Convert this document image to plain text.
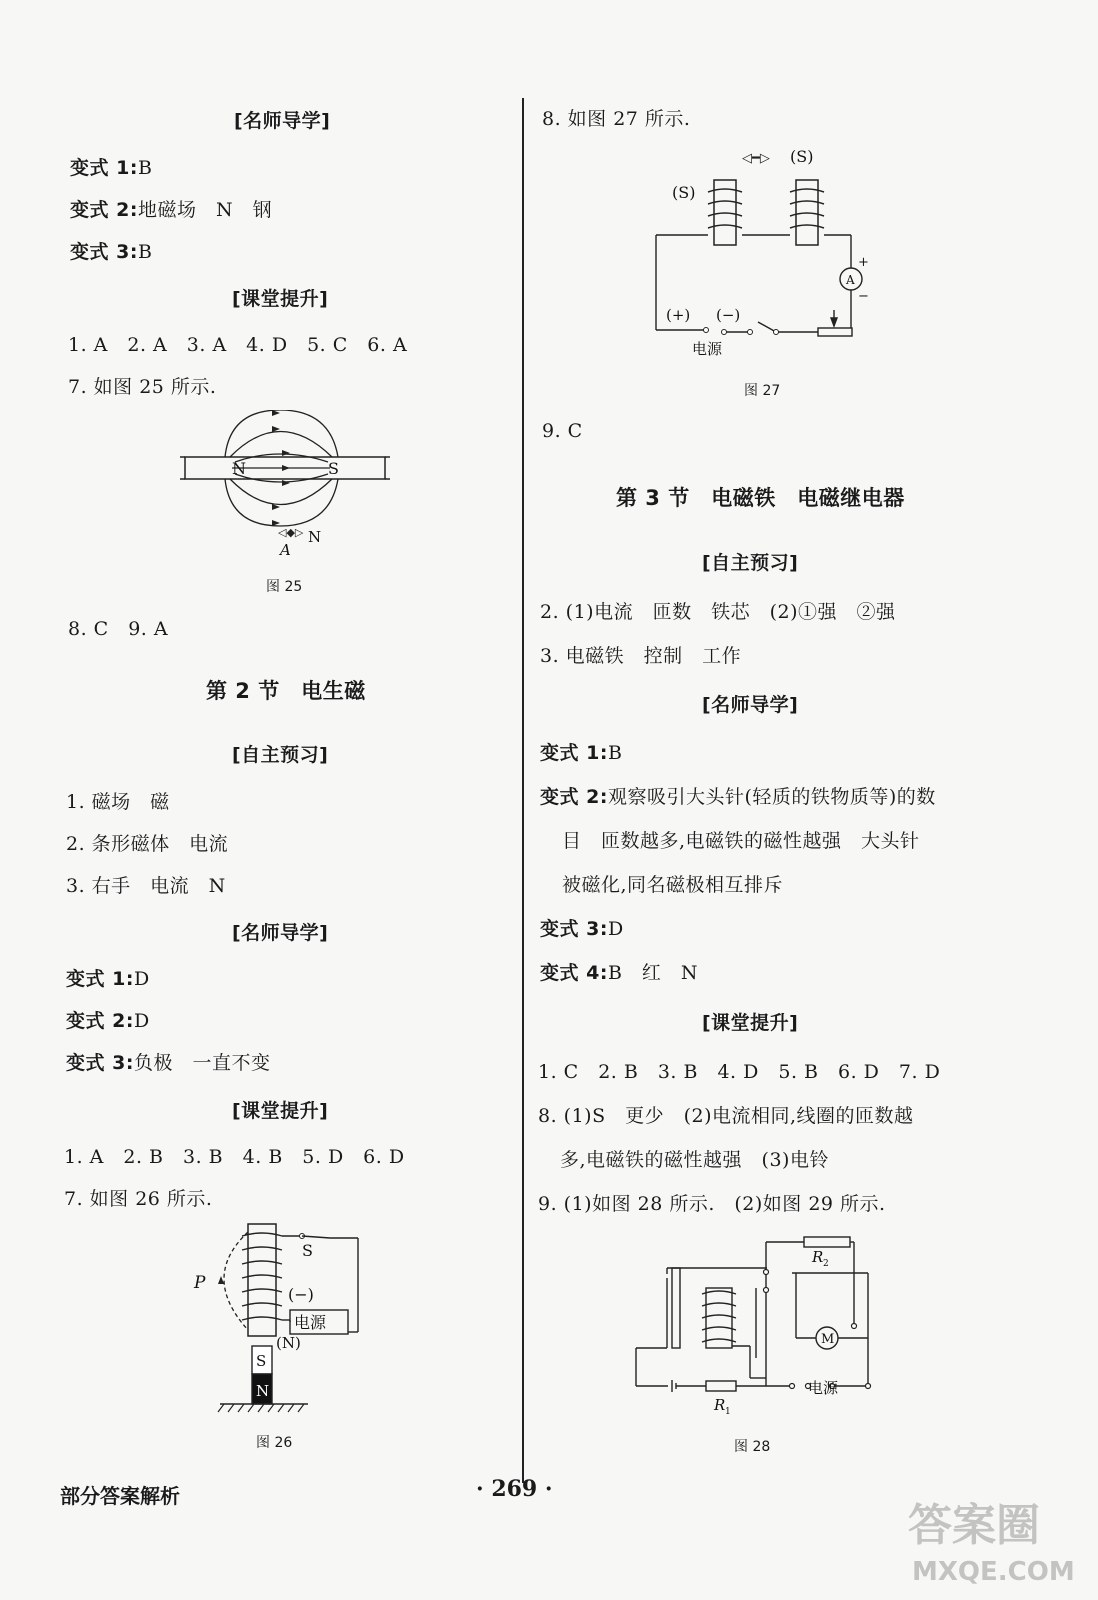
[名师导学]
变式 1:B
变式 2:地磁场　N　钢
变式 3:B
[课堂提升]
1. A　2. A　3. A　4. D　5. C　6. A
7. 如图 25 所示.
◁◆▷
N	S
A
N
图 25
8. C　9. A
第 2 节　电生磁
[自主预习]
1. 磁场　磁
2. 条形磁体　电流
3. 右手　电流　N
[名师导学]
变式 1:D
变式 2:D
变式 3:负极　一直不变
[课堂提升]
1. A　2. B　3. B　4. B　5. D　6. D
7. 如图 26 所示.
S
P
(−)
电源
S
(N)
N
图 26
8. 如图 27 所示.
◁━▷
A
+
−
(S)
(S)
(+) (−)
电源
图 27
9. C
第 3 节　电磁铁　电磁继电器
[自主预习]
2. (1)电流　匝数　铁芯　(2)①强　②强
3. 电磁铁　控制　工作
[名师导学]
变式 1:B
变式 2:观察吸引大头针(轻质的铁物质等)的数
目　匝数越多,电磁铁的磁性越强　大头针
被磁化,同名磁极相互排斥
变式 3:D
变式 4:B　红　N
[课堂提升]
1. C　2. B　3. B　4. D　5. B　6. D　7. D
8. (1)S　更少　(2)电流相同,线圈的匝数越
多,电磁铁的磁性越强　(3)电铃
9. (1)如图 28 所示.　(2)如图 29 所示.
M
R 1
R 2
电源
图 28
部分答案解析	· 269 ·
答案圈
MXQE.COM
